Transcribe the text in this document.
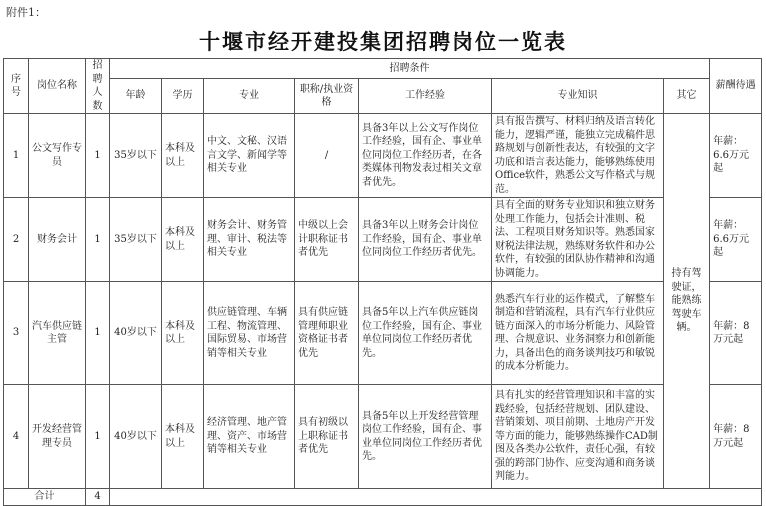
附件1：
十堰市经开建投集团招聘岗位一览表
序号	岗位名称	招聘人数	招聘条件							薪酬待遇
			年龄	学历	专业	职称/执业资格	工作经验	专业知识	其它	
1	公文写作专员	1	35岁以下	本科及以上	中文、文秘、汉语言文学、新闻学等相关专业	/	具备3年以上公文写作岗位工作经验，国有企、事业单位同岗位工作经历者，在各类媒体刊物发表过相关文章者优先。	具有报告撰写、材料归纳及语言转化能力，逻辑严谨，能独立完成稿件思路规划与创新性表达，有较强的文字功底和语言表达能力，能够熟练使用Office软件，熟悉公文写作格式与规范。	持有驾驶证，能熟练驾驶车辆。	年薪：6.6万元起
2	财务会计	1	35岁以下	本科及以上	财务会计、财务管理、审计、税法等相关专业	中级以上会计职称证书者优先	具备3年以上财务会计岗位工作经验，国有企、事业单位同岗位工作经历者优先。	具有全面的财务专业知识和独立财务处理工作能力，包括会计准则、税法、工程项目财务知识等。熟悉国家财税法律法规，熟练财务软件和办公软件，有较强的团队协作精神和沟通协调能力。		年薪：6.6万元起
3	汽车供应链主管	1	40岁以下	本科及以上	供应链管理、车辆工程、物流管理、国际贸易、市场营销等相关专业	具有供应链管理师职业资格证书者优先	具备5年以上汽车供应链岗位工作经验，国有企、事业单位同岗位工作经历者优先。	熟悉汽车行业的运作模式，了解整车制造和营销流程，具有汽车行业供应链方面深入的市场分析能力、风险管理、合规意识、业务洞察力和创新能力，具备出色的商务谈判技巧和敏锐的成本分析能力。		年薪：8万元起
4	开发经营管理专员	1	40岁以下	本科及以上	经济管理、地产管理、资产、市场营销等相关专业	具有初级以上职称证书者优先	具备5年以上开发经营管理岗位工作经验，国有企、事业单位同岗位工作经历者优先。	具有扎实的经营管理知识和丰富的实践经验，包括经营规划、团队建设、营销策划、项目前期、土地房产开发等方面的能力，能够熟练操作CAD制图及各类办公软件，责任心强，有较强的跨部门协作、应变沟通和商务谈判能力。		年薪：8万元起
合计		4								
